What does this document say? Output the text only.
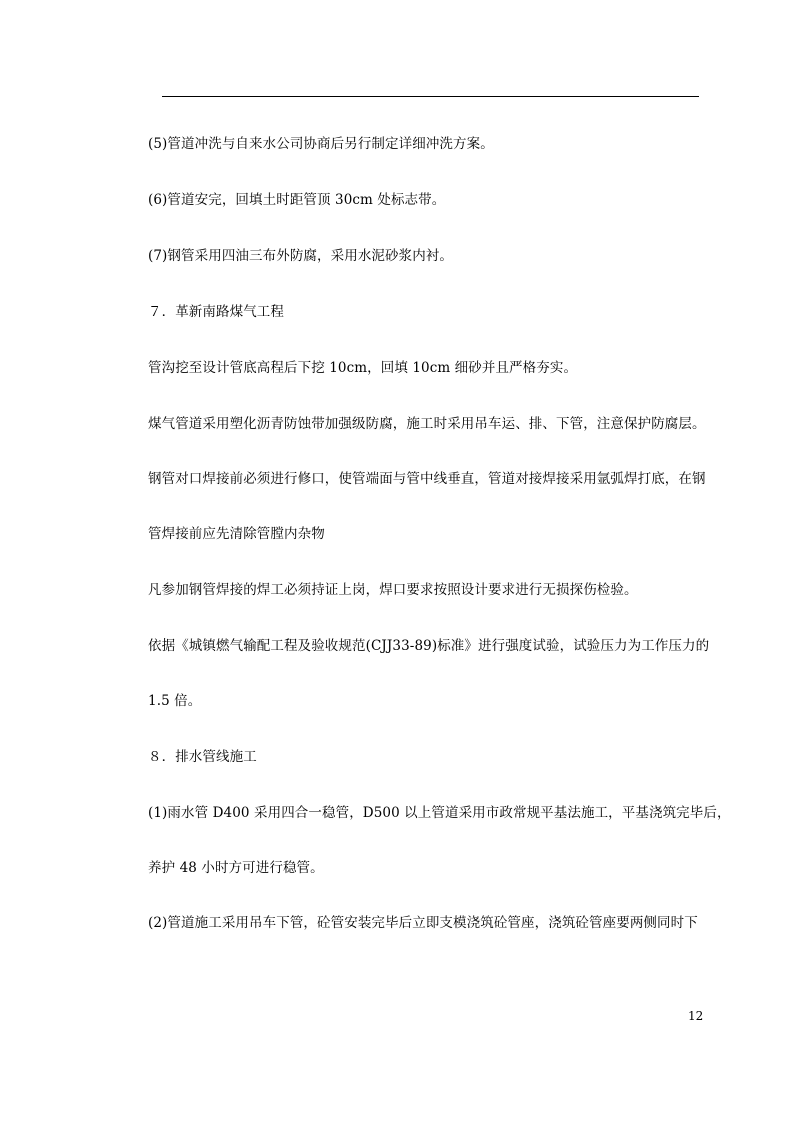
(5)管道冲洗与自来水公司协商后另行制定详细冲洗方案。
(6)管道安完，回填土时距管顶 30cm 处标志带。
(7)钢管采用四油三布外防腐，采用水泥砂浆内衬。
７．革新南路煤气工程
管沟挖至设计管底高程后下挖 10cm，回填 10cm 细砂并且严格夯实。
煤气管道采用塑化沥青防蚀带加强级防腐，施工时采用吊车运、排、下管，注意保护防腐层。
钢管对口焊接前必须进行修口，使管端面与管中线垂直，管道对接焊接采用氩弧焊打底，在钢
管焊接前应先清除管膛内杂物
凡参加钢管焊接的焊工必须持证上岗，焊口要求按照设计要求进行无损探伤检验。
依据《城镇燃气输配工程及验收规范(CJJ33-89)标准》进行强度试验，试验压力为工作压力的
1.5 倍。
８．排水管线施工
(1)雨水管 D400 采用四合一稳管，D500 以上管道采用市政常规平基法施工，平基浇筑完毕后，
养护 48 小时方可进行稳管。
(2)管道施工采用吊车下管，砼管安装完毕后立即支模浇筑砼管座，浇筑砼管座要两侧同时下
12
